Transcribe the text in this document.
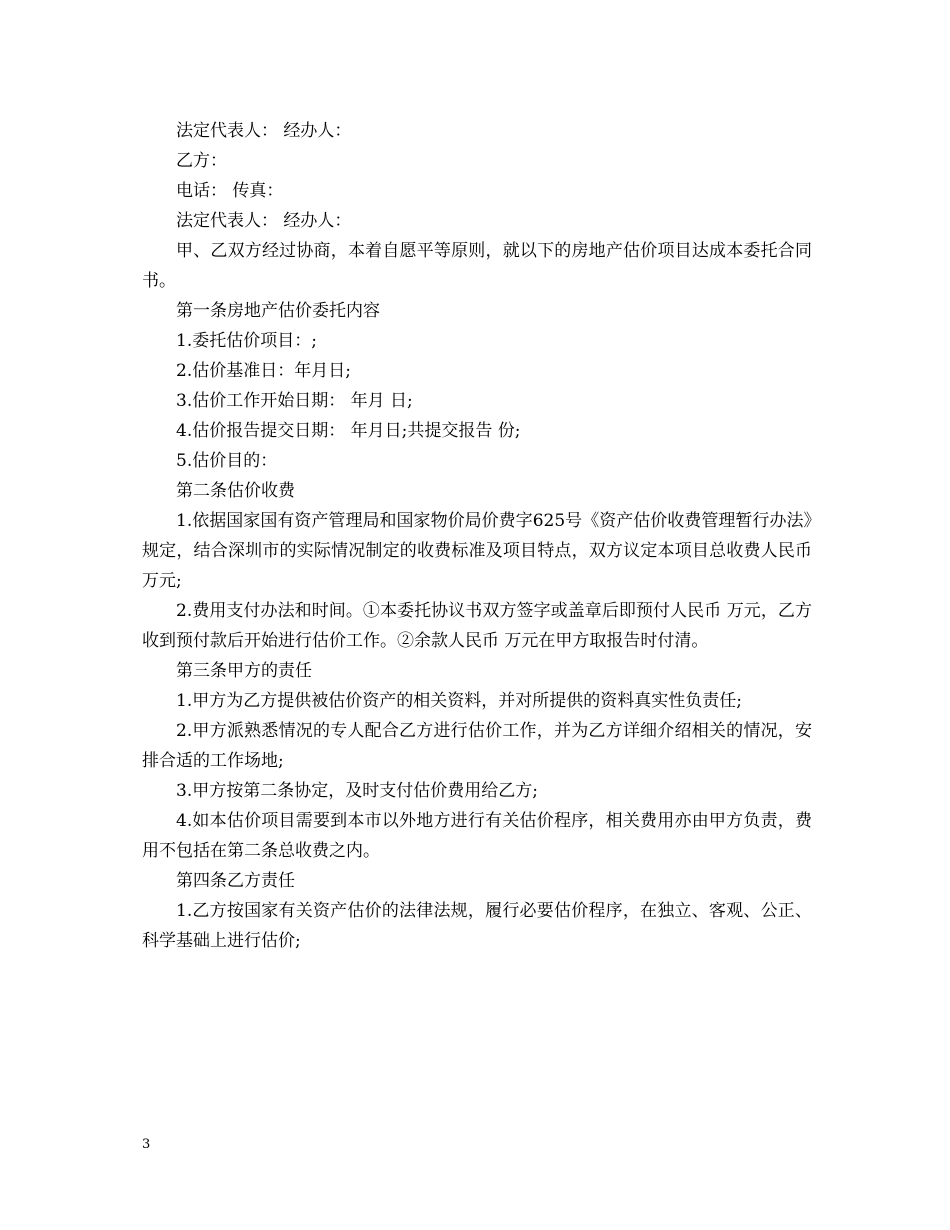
法定代表人： 经办人：

乙方：

电话： 传真：

法定代表人： 经办人：

甲、乙双方经过协商，本着自愿平等原则，就以下的房地产估价项目达成本委托合同书。

第一条房地产估价委托内容

1.委托估价项目：;

2.估价基准日：年月日;

3.估价工作开始日期： 年月 日;

4.估价报告提交日期： 年月日;共提交报告 份;

5.估价目的：

第二条估价收费

1.依据国家国有资产管理局和国家物价局价费字625号《资产估价收费管理暂行办法》规定，结合深圳市的实际情况制定的收费标准及项目特点，双方议定本项目总收费人民币 万元;

2.费用支付办法和时间。①本委托协议书双方签字或盖章后即预付人民币 万元，乙方收到预付款后开始进行估价工作。②余款人民币 万元在甲方取报告时付清。

第三条甲方的责任

1.甲方为乙方提供被估价资产的相关资料，并对所提供的资料真实性负责任;

2.甲方派熟悉情况的专人配合乙方进行估价工作，并为乙方详细介绍相关的情况，安排合适的工作场地;

3.甲方按第二条协定，及时支付估价费用给乙方;

4.如本估价项目需要到本市以外地方进行有关估价程序，相关费用亦由甲方负责，费用不包括在第二条总收费之内。

第四条乙方责任

1.乙方按国家有关资产估价的法律法规，履行必要估价程序，在独立、客观、公正、科学基础上进行估价;

3
